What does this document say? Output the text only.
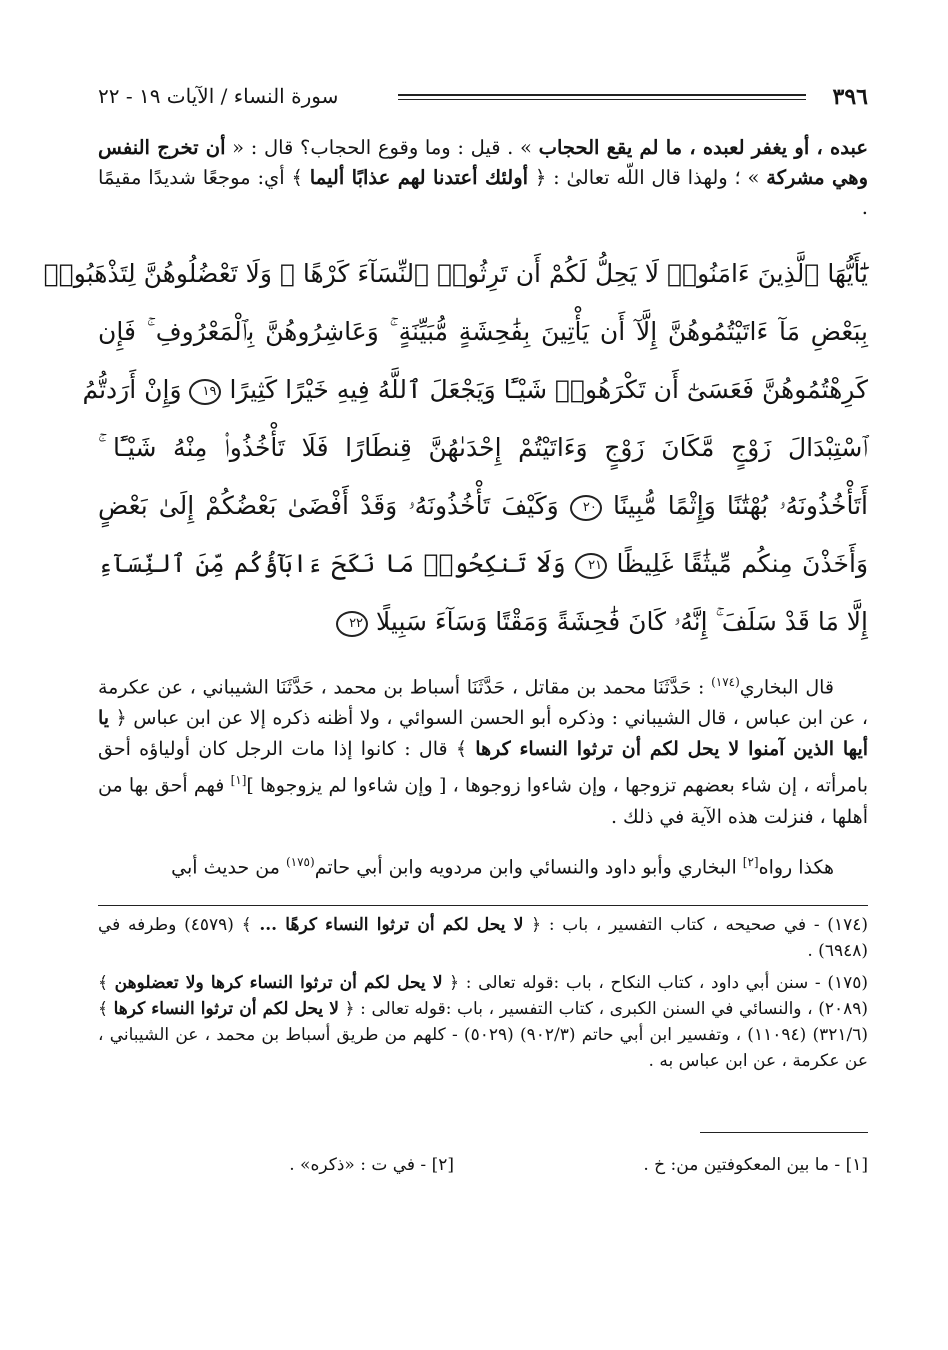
سورة النساء / الآيات ١٩ - ٢٢	٣٩٦
عبده ، أو يغفر لعبده ، ما لم يقع الحجاب » . قيل : وما وقوع الحجاب؟ قال : « أن تخرج النفس وهي مشركة » ؛ ولهذا قال اللّه تعالىٰ : ﴿ أولئك أعتدنا لهم عذابًا أليما ﴾ أي: موجعًا شديدًا مقيمًا .
يَٰٓأَيُّهَا ٱلَّذِينَ ءَامَنُوا۟ لَا يَحِلُّ لَكُمْ أَن تَرِثُوا۟ ٱلنِّسَآءَ كَرْهًا ۖ وَلَا تَعْضُلُوهُنَّ لِتَذْهَبُوا۟
بِبَعْضِ مَآ ءَاتَيْتُمُوهُنَّ إِلَّآ أَن يَأْتِينَ بِفَٰحِشَةٍ مُّبَيِّنَةٍ ۚ وَعَاشِرُوهُنَّ بِٱلْمَعْرُوفِ ۚ فَإِن
كَرِهْتُمُوهُنَّ فَعَسَىٰٓ أَن تَكْرَهُوا۟ شَيْـًٔا وَيَجْعَلَ ٱللَّهُ فِيهِ خَيْرًا كَثِيرًا ١٩ وَإِنْ أَرَدتُّمُ
ٱسْتِبْدَالَ زَوْجٍ مَّكَانَ زَوْجٍ وَءَاتَيْتُمْ إِحْدَىٰهُنَّ قِنطَارًا فَلَا تَأْخُذُوا۟ مِنْهُ شَيْـًٔا ۚ
أَتَأْخُذُونَهُۥ بُهْتَٰنًا وَإِثْمًا مُّبِينًا ٢٠ وَكَيْفَ تَأْخُذُونَهُۥ وَقَدْ أَفْضَىٰ بَعْضُكُمْ إِلَىٰ بَعْضٍ
وَأَخَذْنَ مِنكُم مِّيثَٰقًا غَلِيظًا ٢١ وَلَا تَنكِحُوا۟ مَا نَكَحَ ءَابَآؤُكُم مِّنَ ٱلنِّسَآءِ
إِلَّا مَا قَدْ سَلَفَ ۚ إِنَّهُۥ كَانَ فَٰحِشَةً وَمَقْتًا وَسَآءَ سَبِيلًا ٢٢

قال البخاري$^{(١٧٤)}$ : حَدَّثَنَا محمد بن مقاتل ، حَدَّثَنَا أسباط بن محمد ، حَدَّثَنَا الشيباني ، عن عكرمة ، عن ابن عباس ، قال الشيباني : وذكره أبو الحسن السوائي ، ولا أظنه ذكره إلا عن ابن عباس ﴿ يا أيها الذين آمنوا لا يحل لكم أن ترثوا النساء كرها ﴾ قال : كانوا إذا مات الرجل كان أولياؤه أحق بامرأته ، إن شاء بعضهم تزوجها ، وإن شاءوا زوجوها ، [ وإن شاءوا لم يزوجوها ][١] فهم أحق بها من أهلها ، فنزلت هذه الآية في ذلك .

هكذا رواه[٢] البخاري وأبو داود والنسائي وابن مردويه وابن أبي حاتم$^{(١٧٥)}$ من حديث أبي

(١٧٤) - في صحيحه ، كتاب التفسير ، باب : ﴿ لا يحل لكم أن ترثوا النساء كرهًا ... ﴾ (٤٥٧٩) وطرفه في (٦٩٤٨) .

(١٧٥) - سنن أبي داود ، كتاب النكاح ، باب :قوله تعالى : ﴿ لا يحل لكم أن ترثوا النساء كرها ولا تعضلوهن ﴾ (٢٠٨٩) ، والنسائي في السنن الكبرى ، كتاب التفسير ، باب :قوله تعالى : ﴿ لا يحل لكم أن ترثوا النساء كرها ﴾ (٣٢١/٦) (١١٠٩٤) ، وتفسير ابن أبي حاتم (٩٠٢/٣) (٥٠٢٩) - كلهم من طريق أسباط بن محمد ، عن الشيباني ، عن عكرمة ، عن ابن عباس به .

[١] - ما بين المعكوفتين من: خ .
[٢] - في ت : «ذكره» .
